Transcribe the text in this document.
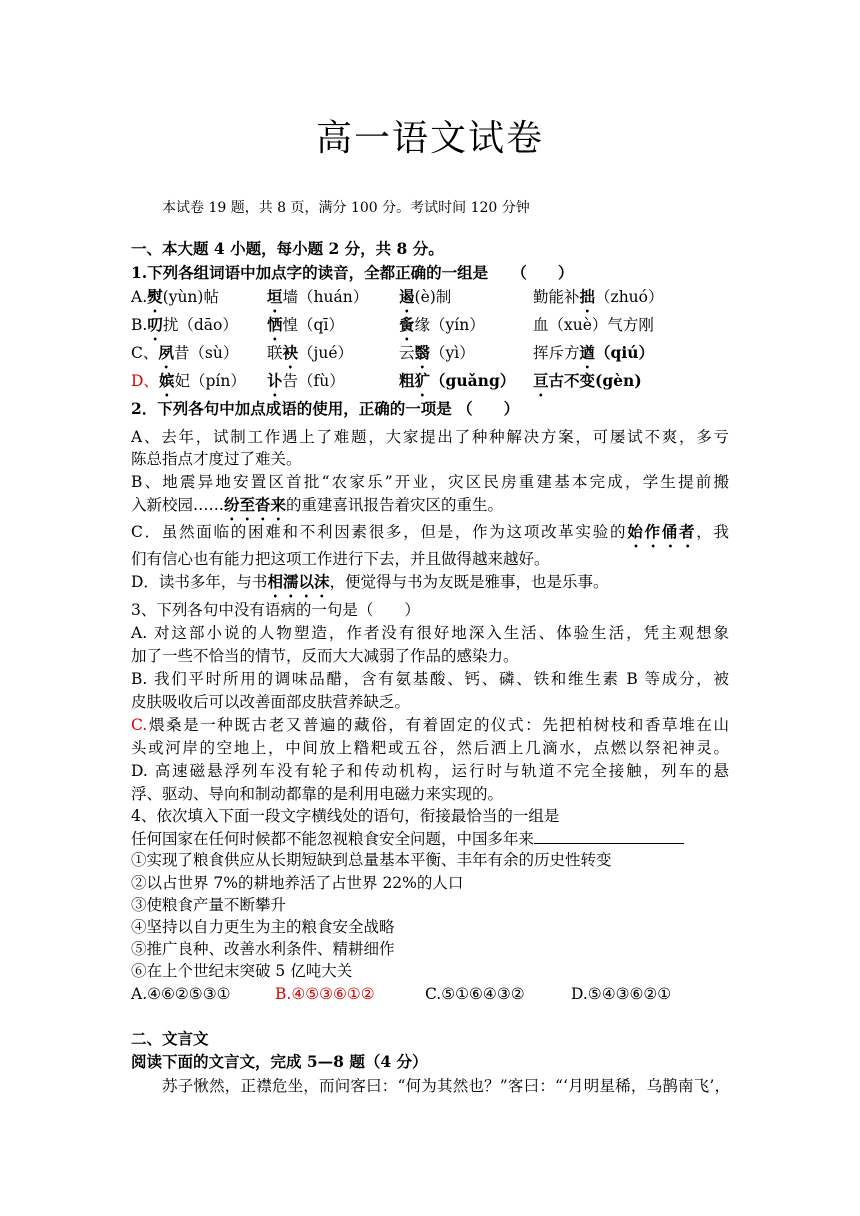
高一语文试卷
本试卷 19 题，共 8 页，满分 100 分。考试时间 120 分钟
一、本大题 4 小题，每小题 2 分，共 8 分。
1.下列各组词语中加点字的读音，全都正确的一组是　　（　　）
A.熨(yùn)帖	垣墙（huán） 遏(è)制	勤能补拙（zhuó）
B.叨扰（dāo） 恓惶（qī）	夤缘（yín）	血（xuè）气方刚
C、夙昔（sù） 联袂（jué）	云翳（yì）	挥斥方遒（qiú）
D、嫔妃（pín） 讣告（fù）	粗犷（guǎng） 亘古不变(gèn)
2．下列各句中加点成语的使用，正确的一项是 （　　）
A、去年，试制工作遇上了难题，大家提出了种种解决方案，可屡试不爽，多亏
陈总指点才度过了难关。
B、地震异地安置区首批“农家乐”开业，灾区民房重建基本完成，学生提前搬
入新校园……纷至沓来的重建喜讯报告着灾区的重生。
C．虽然面临的困难和不利因素很多，但是，作为这项改革实验的始作俑者，我
们有信心也有能力把这项工作进行下去，并且做得越来越好。
D．读书多年，与书相濡以沫，便觉得与书为友既是雅事，也是乐事。
3、下列各句中没有语病的一句是（　　）
A. 对这部小说的人物塑造，作者没有很好地深入生活、体验生活，凭主观想象
加了一些不恰当的情节，反而大大减弱了作品的感染力。
B. 我们平时所用的调味品醋，含有氨基酸、钙、磷、铁和维生素 B 等成分，被
皮肤吸收后可以改善面部皮肤营养缺乏。
C.煨桑是一种既古老又普遍的藏俗，有着固定的仪式：先把柏树枝和香草堆在山
头或河岸的空地上，中间放上糌粑或五谷，然后洒上几滴水，点燃以祭祀神灵。
D. 高速磁悬浮列车没有轮子和传动机构，运行时与轨道不完全接触，列车的悬
浮、驱动、导向和制动都靠的是利用电磁力来实现的。
4、依次填入下面一段文字横线处的语句，衔接最恰当的一组是
任何国家在任何时候都不能忽视粮食安全问题，中国多年来
①实现了粮食供应从长期短缺到总量基本平衡、丰年有余的历史性转变
②以占世界 7%的耕地养活了占世界 22%的人口
③使粮食产量不断攀升
④坚持以自力更生为主的粮食安全战略
⑤推广良种、改善水利条件、精耕细作
⑥在上个世纪末突破 5 亿吨大关
A.④⑥②⑤③①	B.④⑤③⑥①②	C.⑤①⑥④③②	D.⑤④③⑥②①
二、文言文
阅读下面的文言文，完成 5—8 题（4 分）
苏子愀然，正襟危坐，而问客曰：“何为其然也？”客曰：“‘月明星稀，乌鹊南飞’，
